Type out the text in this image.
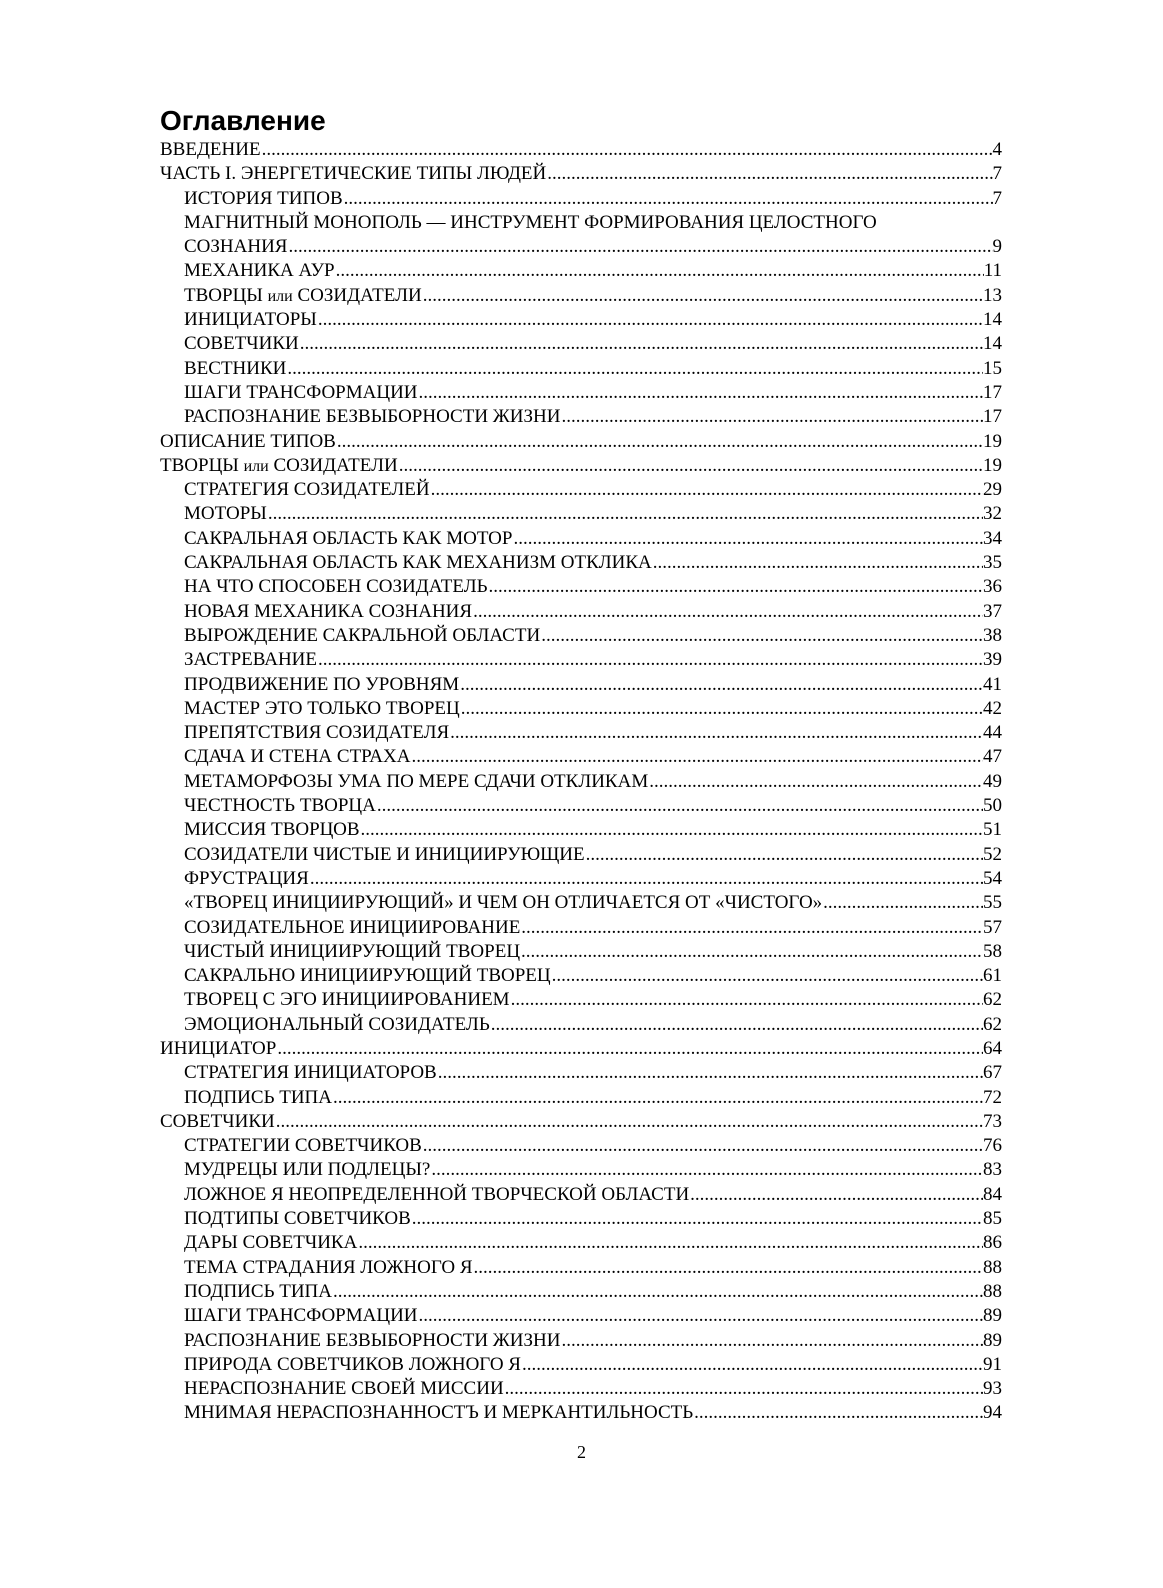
Оглавление
ВВЕДЕНИЕ .....	4
ЧАСТЬ I. ЭНЕРГЕТИЧЕСКИЕ ТИПЫ ЛЮДЕЙ .....	7
ИСТОРИЯ ТИПОВ .....	7
МАГНИТНЫЙ МОНОПОЛЬ — ИНСТРУМЕНТ ФОРМИРОВАНИЯ ЦЕЛОСТНОГО
СОЗНАНИЯ .....	9
МЕХАНИКА АУР .....	11
ТВОРЦЫ или СОЗИДАТЕЛИ .....	13
ИНИЦИАТОРЫ .....	14
СОВЕТЧИКИ .....	14
ВЕСТНИКИ .....	15
ШАГИ ТРАНСФОРМАЦИИ .....	17
РАСПОЗНАНИЕ БЕЗВЫБОРНОСТИ ЖИЗНИ .....	17
ОПИСАНИЕ ТИПОВ .....	19
ТВОРЦЫ или СОЗИДАТЕЛИ .....	19
СТРАТЕГИЯ СОЗИДАТЕЛЕЙ .....	29
МОТОРЫ .....	32
САКРАЛЬНАЯ ОБЛАСТЬ КАК МОТОР .....	34
САКРАЛЬНАЯ ОБЛАСТЬ КАК МЕХАНИЗМ ОТКЛИКА .....	35
НА ЧТО СПОСОБЕН СОЗИДАТЕЛЬ .....	36
НОВАЯ МЕХАНИКА СОЗНАНИЯ .....	37
ВЫРОЖДЕНИЕ САКРАЛЬНОЙ ОБЛАСТИ .....	38
ЗАСТРЕВАНИЕ .....	39
ПРОДВИЖЕНИЕ ПО УРОВНЯМ .....	41
МАСТЕР ЭТО ТОЛЬКО ТВОРЕЦ .....	42
ПРЕПЯТСТВИЯ СОЗИДАТЕЛЯ .....	44
СДАЧА И СТЕНА СТРАХА .....	47
МЕТАМОРФОЗЫ УМА ПО МЕРЕ СДАЧИ ОТКЛИКАМ .....	49
ЧЕСТНОСТЬ ТВОРЦА .....	50
МИССИЯ ТВОРЦОВ .....	51
СОЗИДАТЕЛИ ЧИСТЫЕ И ИНИЦИИРУЮЩИЕ .....	52
ФРУСТРАЦИЯ .....	54
«ТВОРЕЦ ИНИЦИИРУЮЩИЙ» И ЧЕМ ОН ОТЛИЧАЕТСЯ ОТ «ЧИСТОГО» .....	55
СОЗИДАТЕЛЬНОЕ ИНИЦИИРОВАНИЕ .....	57
ЧИСТЫЙ ИНИЦИИРУЮЩИЙ ТВОРЕЦ .....	58
САКРАЛЬНО ИНИЦИИРУЮЩИЙ ТВОРЕЦ .....	61
ТВОРЕЦ С ЭГО ИНИЦИИРОВАНИЕМ .....	62
ЭМОЦИОНАЛЬНЫЙ СОЗИДАТЕЛЬ .....	62
ИНИЦИАТОР .....	64
СТРАТЕГИЯ ИНИЦИАТОРОВ .....	67
ПОДПИСЬ ТИПА .....	72
СОВЕТЧИКИ .....	73
СТРАТЕГИИ СОВЕТЧИКОВ .....	76
МУДРЕЦЫ ИЛИ ПОДЛЕЦЫ? .....	83
ЛОЖНОЕ Я НЕОПРЕДЕЛЕННОЙ ТВОРЧЕСКОЙ ОБЛАСТИ .....	84
ПОДТИПЫ СОВЕТЧИКОВ .....	85
ДАРЫ СОВЕТЧИКА .....	86
ТЕМА СТРАДАНИЯ ЛОЖНОГО Я .....	88
ПОДПИСЬ ТИПА .....	88
ШАГИ ТРАНСФОРМАЦИИ .....	89
РАСПОЗНАНИЕ БЕЗВЫБОРНОСТИ ЖИЗНИ .....	89
ПРИРОДА СОВЕТЧИКОВ ЛОЖНОГО Я .....	91
НЕРАСПОЗНАНИЕ СВОЕЙ МИССИИ .....	93
МНИМАЯ НЕРАСПОЗНАННОСТЪ И МЕРКАНТИЛЬНОСТЬ .....	94
2
